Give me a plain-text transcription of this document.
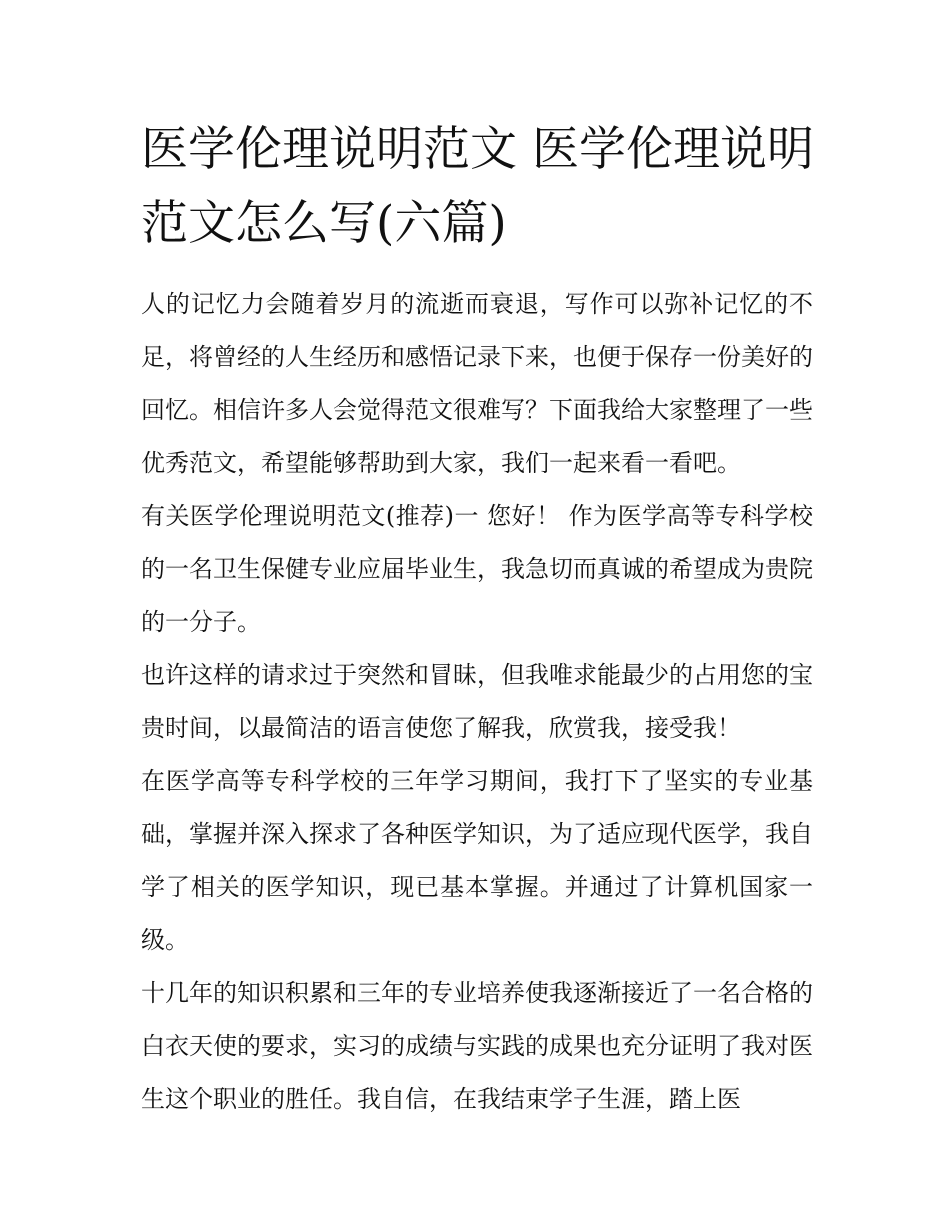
医学伦理说明范文 医学伦理说明范文怎么写(六篇)

人的记忆力会随着岁月的流逝而衰退，写作可以弥补记忆的不足，将曾经的人生经历和感悟记录下来，也便于保存一份美好的回忆。相信许多人会觉得范文很难写？下面我给大家整理了一些优秀范文，希望能够帮助到大家，我们一起来看一看吧。

有关医学伦理说明范文(推荐)一 您好！ 作为医学高等专科学校的一名卫生保健专业应届毕业生，我急切而真诚的希望成为贵院的一分子。

也许这样的请求过于突然和冒昧，但我唯求能最少的占用您的宝贵时间，以最简洁的语言使您了解我，欣赏我，接受我！

在医学高等专科学校的三年学习期间，我打下了坚实的专业基础，掌握并深入探求了各种医学知识，为了适应现代医学，我自学了相关的医学知识，现已基本掌握。并通过了计算机国家一级。

十几年的知识积累和三年的专业培养使我逐渐接近了一名合格的白衣天使的要求，实习的成绩与实践的成果也充分证明了我对医生这个职业的胜任。我自信，在我结束学子生涯，踏上医
